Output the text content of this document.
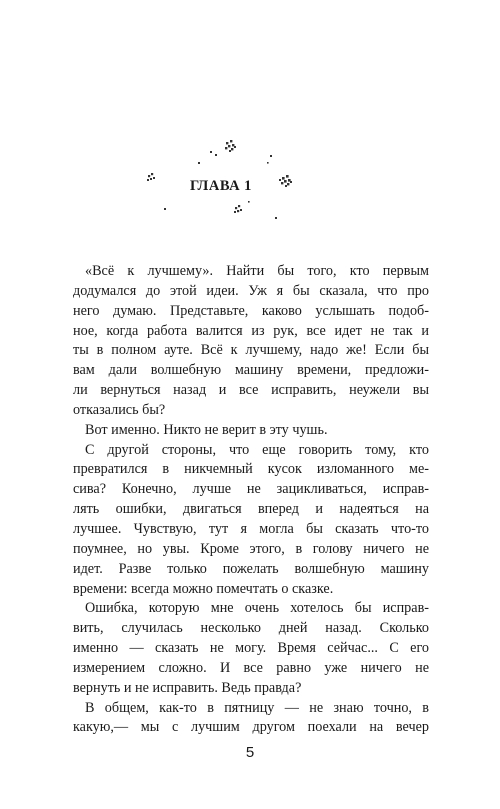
ГЛАВА 1
«Всё к лучшему». Найти бы того, кто первым
додумался до этой идеи. Уж я бы сказала, что про
него думаю. Представьте, каково услышать подоб-
ное, когда работа валится из рук, все идет не так и
ты в полном ауте. Всё к лучшему, надо же! Если бы
вам дали волшебную машину времени, предложи-
ли вернуться назад и все исправить, неужели вы
отказались бы?
Вот именно. Никто не верит в эту чушь.
С другой стороны, что еще говорить тому, кто
превратился в никчемный кусок изломанного ме-
сива? Конечно, лучше не зацикливаться, исправ-
лять ошибки, двигаться вперед и надеяться на
лучшее. Чувствую, тут я могла бы сказать что-то
поумнее, но увы. Кроме этого, в голову ничего не
идет. Разве только пожелать волшебную машину
времени: всегда можно помечтать о сказке.
Ошибка, которую мне очень хотелось бы исправ-
вить, случилась несколько дней назад. Сколько
именно — сказать не могу. Время сейчас... С его
измерением сложно. И все равно уже ничего не
вернуть и не исправить. Ведь правда?
В общем, как-то в пятницу — не знаю точно, в
какую,— мы с лучшим другом поехали на вечер
5
